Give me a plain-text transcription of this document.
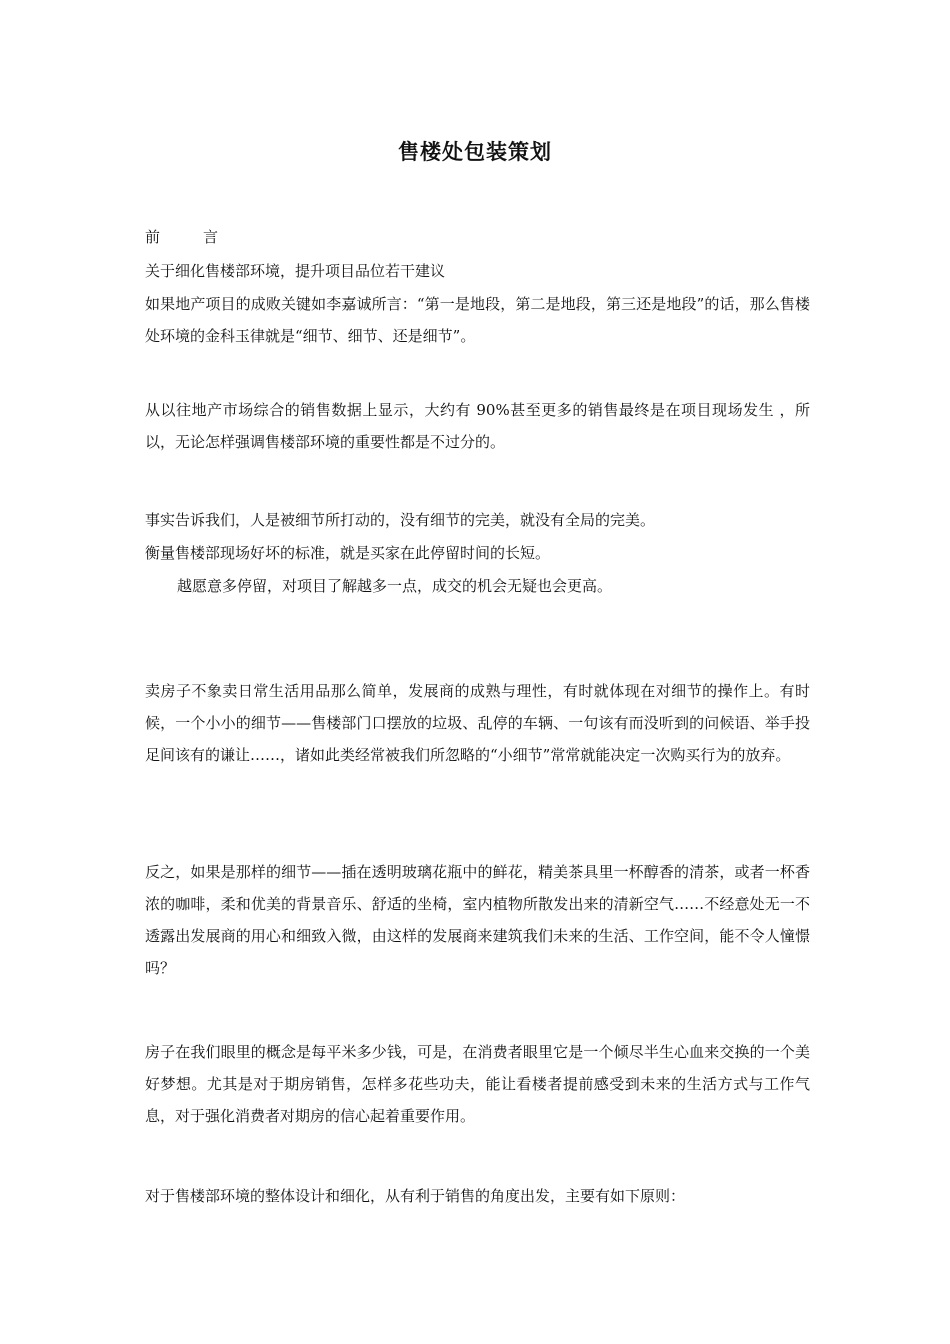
售楼处包装策划

前	言

关于细化售楼部环境，提升项目品位若干建议

如果地产项目的成败关键如李嘉诚所言：“第一是地段，第二是地段，第三还是地段”的话，那么售楼处环境的金科玉律就是“细节、细节、还是细节”。

从以往地产市场综合的销售数据上显示，大约有 90%甚至更多的销售最终是在项目现场发生 ，所以，无论怎样强调售楼部环境的重要性都是不过分的。

事实告诉我们，人是被细节所打动的，没有细节的完美，就没有全局的完美。

衡量售楼部现场好坏的标准，就是买家在此停留时间的长短。

越愿意多停留，对项目了解越多一点，成交的机会无疑也会更高。

卖房子不象卖日常生活用品那么简单，发展商的成熟与理性，有时就体现在对细节的操作上。有时候，一个小小的细节——售楼部门口摆放的垃圾、乱停的车辆、一句该有而没听到的问候语、举手投足间该有的谦让……，诸如此类经常被我们所忽略的“小细节”常常就能决定一次购买行为的放弃。

反之，如果是那样的细节——插在透明玻璃花瓶中的鲜花，精美茶具里一杯醇香的清茶，或者一杯香浓的咖啡，柔和优美的背景音乐、舒适的坐椅，室内植物所散发出来的清新空气……不经意处无一不透露出发展商的用心和细致入微，由这样的发展商来建筑我们未来的生活、工作空间，能不令人憧憬吗？

房子在我们眼里的概念是每平米多少钱，可是，在消费者眼里它是一个倾尽半生心血来交换的一个美好梦想。尤其是对于期房销售，怎样多花些功夫，能让看楼者提前感受到未来的生活方式与工作气息，对于强化消费者对期房的信心起着重要作用。

对于售楼部环境的整体设计和细化，从有利于销售的角度出发，主要有如下原则：
